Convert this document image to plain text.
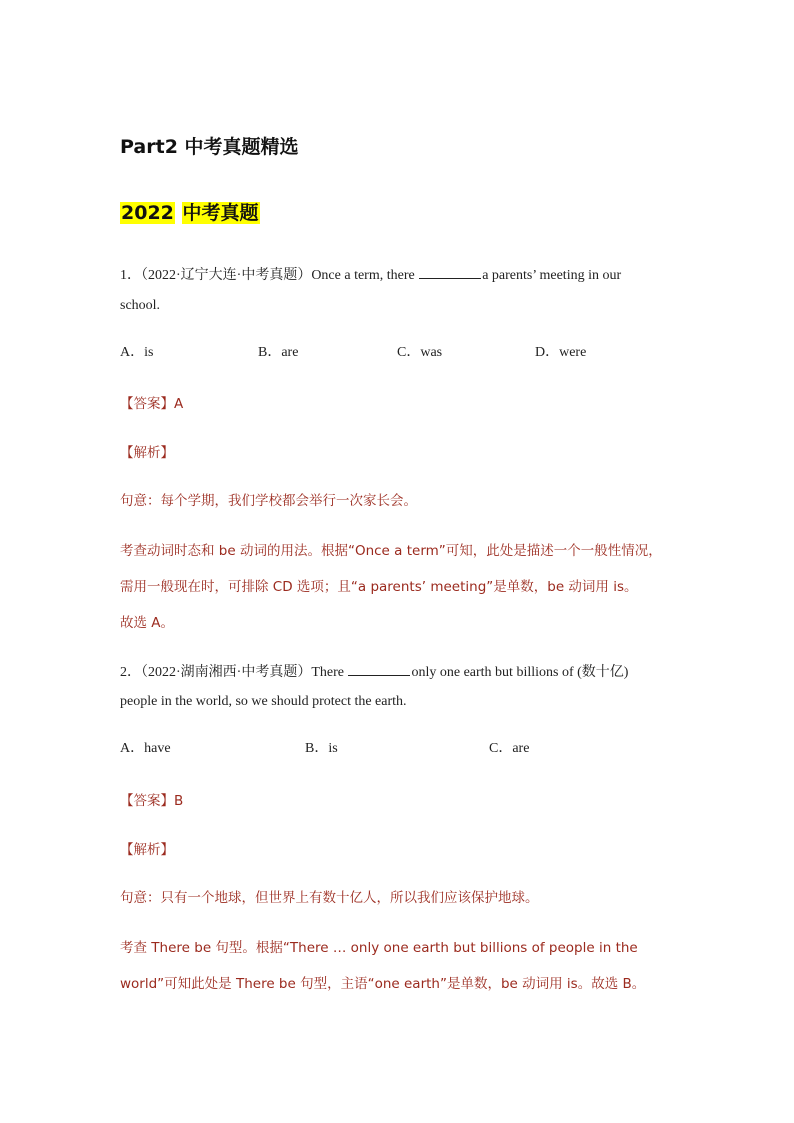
Part2 中考真题精选
2022 中考真题
1．（2022·辽宁大连·中考真题）Once a term, there	a parents’ meeting in our
school.
A．is	B．are	C．was	D．were
【答案】A
【解析】
句意：每个学期，我们学校都会举行一次家长会。
考查动词时态和 be 动词的用法。根据“Once a term”可知，此处是描述一个一般性情况，
需用一般现在时，可排除 CD 选项；且“a parents’ meeting”是单数，be 动词用 is。
故选 A。
2．（2022·湖南湘西·中考真题）There	only one earth but billions of (数十亿)
people in the world, so we should protect the earth.
A．have	B．is	C．are
【答案】B
【解析】
句意：只有一个地球，但世界上有数十亿人，所以我们应该保护地球。
考查 There be 句型。根据“There … only one earth but billions of people in the
world”可知此处是 There be 句型，主语“one earth”是单数，be 动词用 is。故选 B。
